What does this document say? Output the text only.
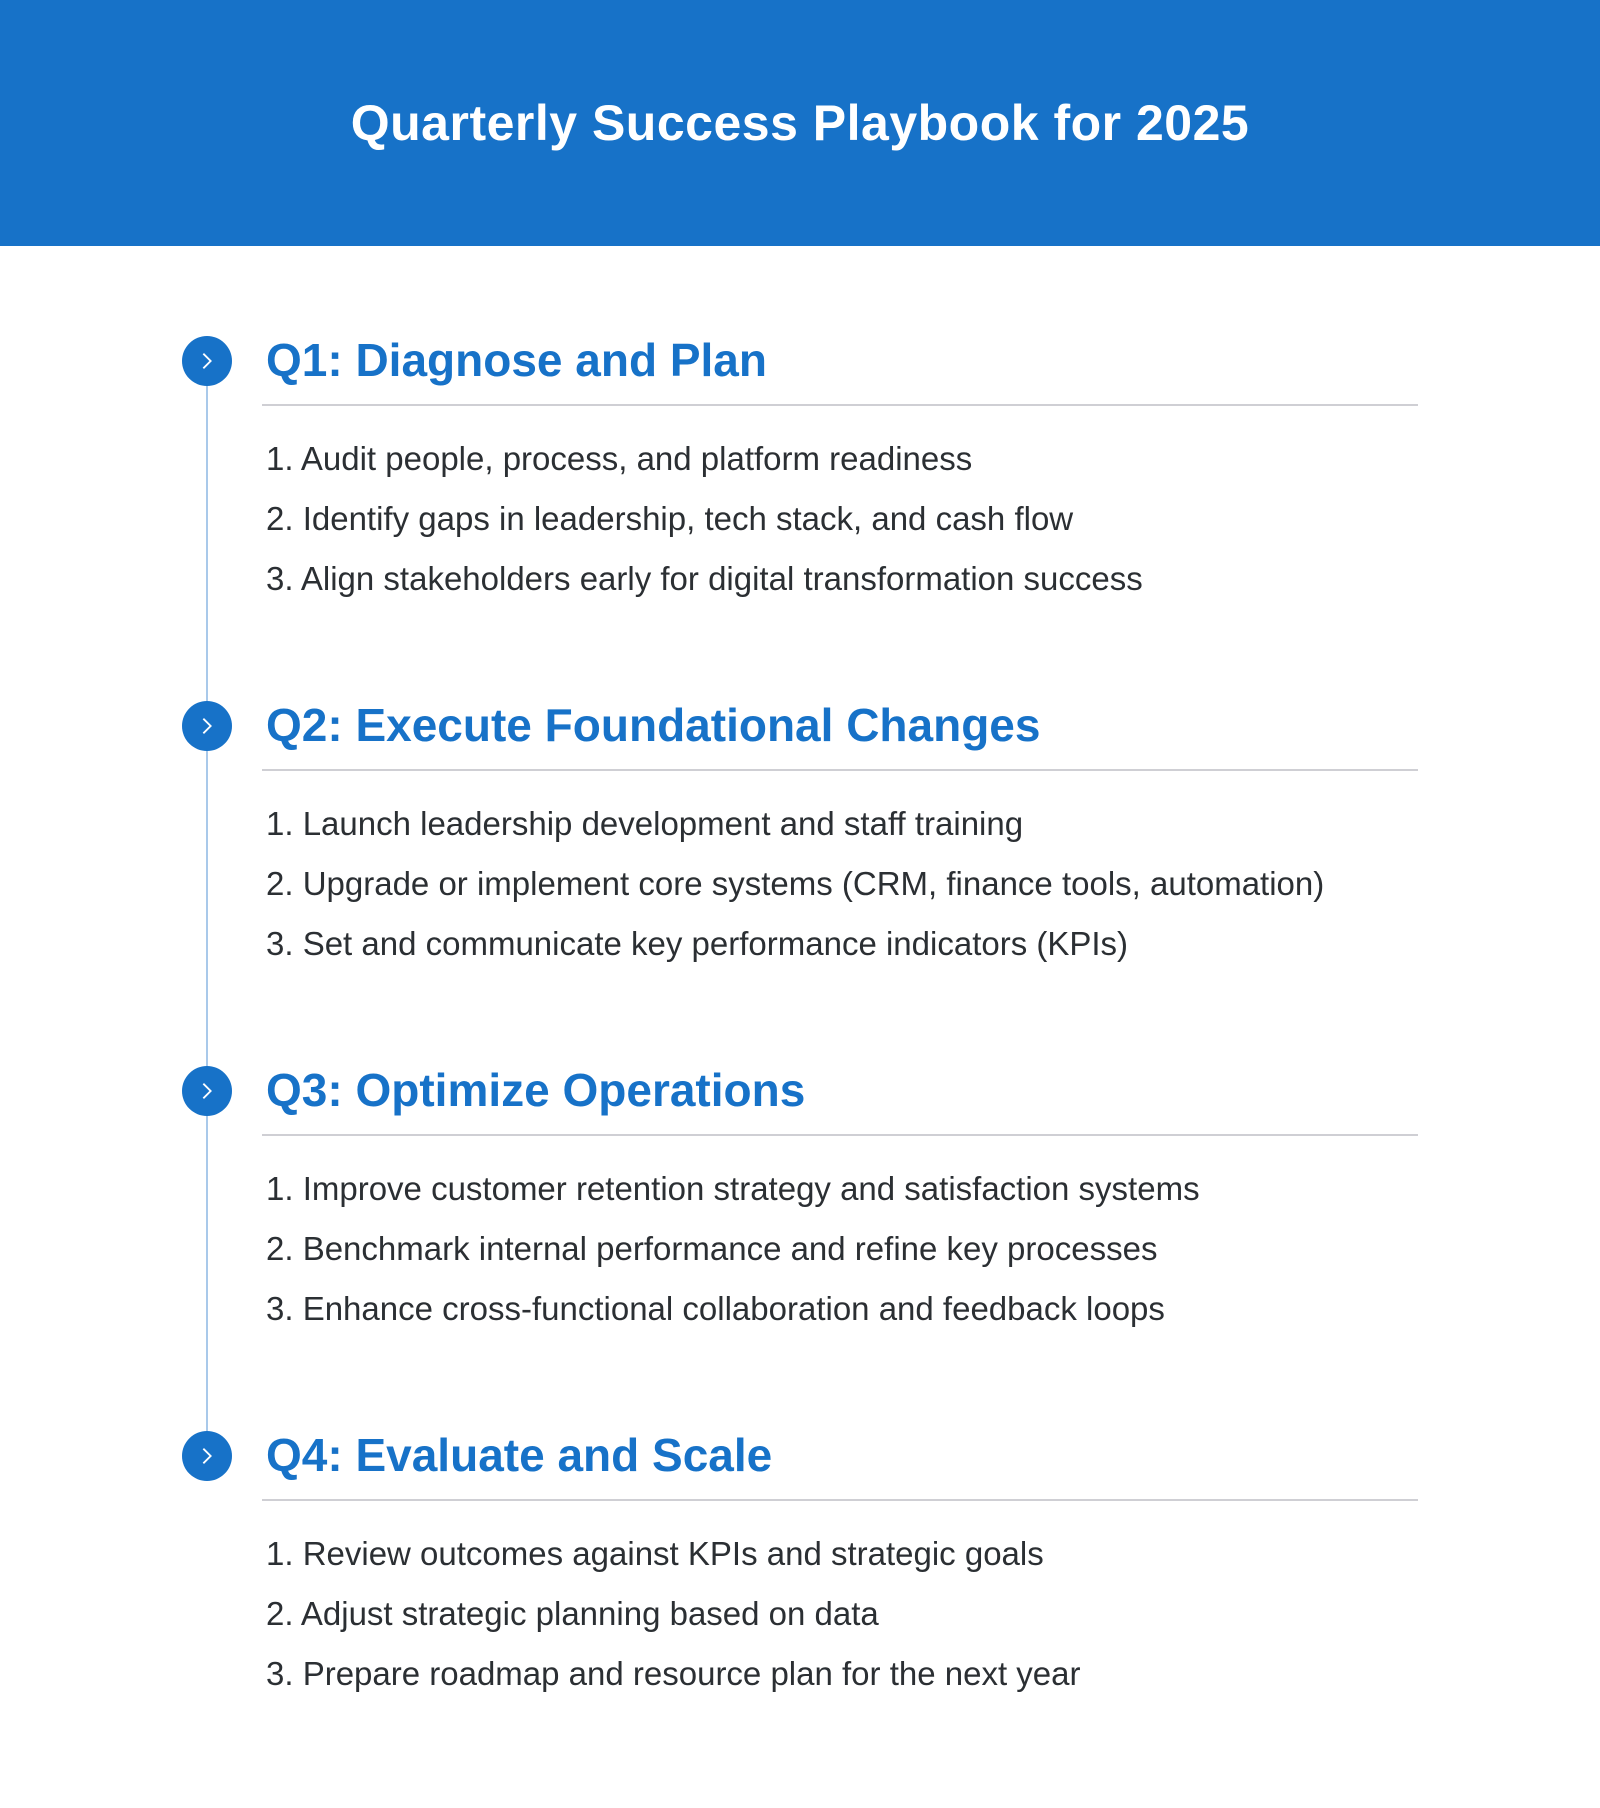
Quarterly Success Playbook for 2025
Q1: Diagnose and Plan
1. Audit people, process, and platform readiness
2. Identify gaps in leadership, tech stack, and cash flow
3. Align stakeholders early for digital transformation success
Q2: Execute Foundational Changes
1. Launch leadership development and staff training
2. Upgrade or implement core systems (CRM, finance tools, automation)
3. Set and communicate key performance indicators (KPIs)
Q3: Optimize Operations
1. Improve customer retention strategy and satisfaction systems
2. Benchmark internal performance and refine key processes
3. Enhance cross-functional collaboration and feedback loops
Q4: Evaluate and Scale
1. Review outcomes against KPIs and strategic goals
2. Adjust strategic planning based on data
3. Prepare roadmap and resource plan for the next year
